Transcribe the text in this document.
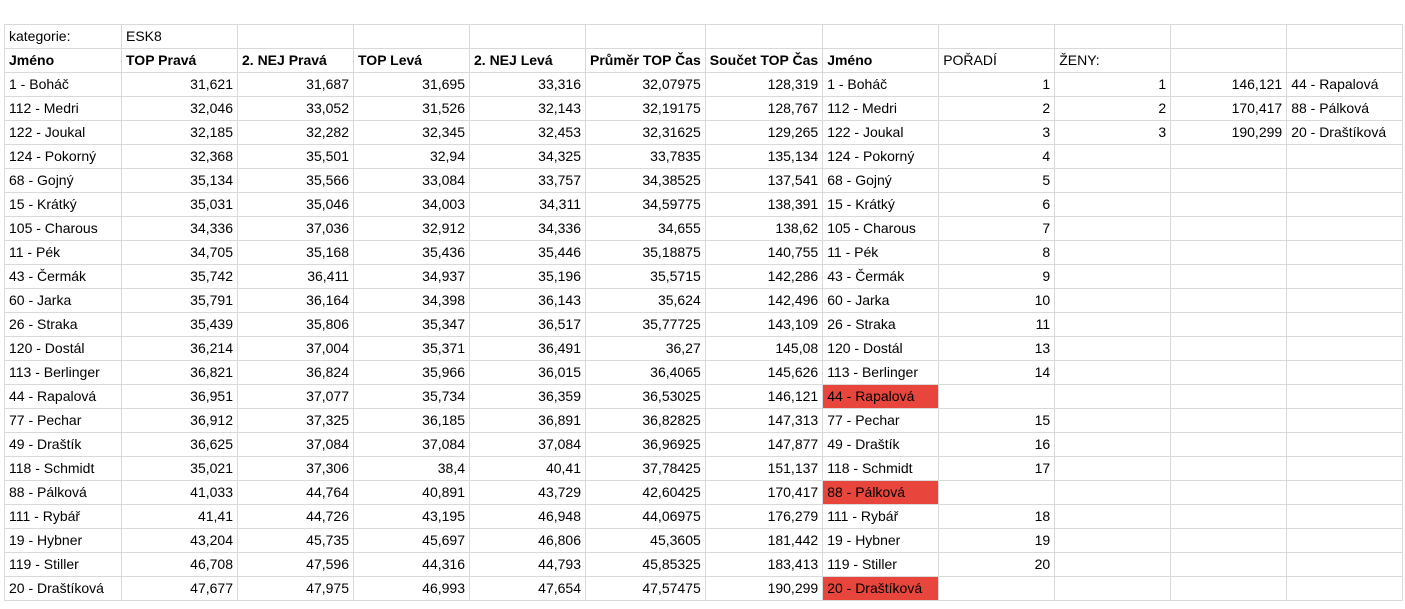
kategorie:	ESK8										
Jméno	TOP Pravá	2. NEJ Pravá	TOP Levá	2. NEJ Levá	Průměr TOP Čas	Součet TOP Čas	Jméno	POŘADÍ	ŽENY:		
1 - Boháč	31,621	31,687	31,695	33,316	32,07975	128,319	1 - Boháč	1	1	146,121	44 - Rapalová
112 - Medri	32,046	33,052	31,526	32,143	32,19175	128,767	112 - Medri	2	2	170,417	88 - Pálková
122 - Joukal	32,185	32,282	32,345	32,453	32,31625	129,265	122 - Joukal	3	3	190,299	20 - Draštíková
124 - Pokorný	32,368	35,501	32,94	34,325	33,7835	135,134	124 - Pokorný	4			
68 - Gojný	35,134	35,566	33,084	33,757	34,38525	137,541	68 - Gojný	5			
15 - Krátký	35,031	35,046	34,003	34,311	34,59775	138,391	15 - Krátký	6			
105 - Charous	34,336	37,036	32,912	34,336	34,655	138,62	105 - Charous	7			
11 - Pék	34,705	35,168	35,436	35,446	35,18875	140,755	11 - Pék	8			
43 - Čermák	35,742	36,411	34,937	35,196	35,5715	142,286	43 - Čermák	9			
60 - Jarka	35,791	36,164	34,398	36,143	35,624	142,496	60 - Jarka	10			
26 - Straka	35,439	35,806	35,347	36,517	35,77725	143,109	26 - Straka	11			
120 - Dostál	36,214	37,004	35,371	36,491	36,27	145,08	120 - Dostál	13			
113 - Berlinger	36,821	36,824	35,966	36,015	36,4065	145,626	113 - Berlinger	14			
44 - Rapalová	36,951	37,077	35,734	36,359	36,53025	146,121	44 - Rapalová				
77 - Pechar	36,912	37,325	36,185	36,891	36,82825	147,313	77 - Pechar	15			
49 - Draštík	36,625	37,084	37,084	37,084	36,96925	147,877	49 - Draštík	16			
118 - Schmidt	35,021	37,306	38,4	40,41	37,78425	151,137	118 - Schmidt	17			
88 - Pálková	41,033	44,764	40,891	43,729	42,60425	170,417	88 - Pálková				
111 - Rybář	41,41	44,726	43,195	46,948	44,06975	176,279	111 - Rybář	18			
19 - Hybner	43,204	45,735	45,697	46,806	45,3605	181,442	19 - Hybner	19			
119 - Stiller	46,708	47,596	44,316	44,793	45,85325	183,413	119 - Stiller	20			
20 - Draštíková	47,677	47,975	46,993	47,654	47,57475	190,299	20 - Draštíková				
